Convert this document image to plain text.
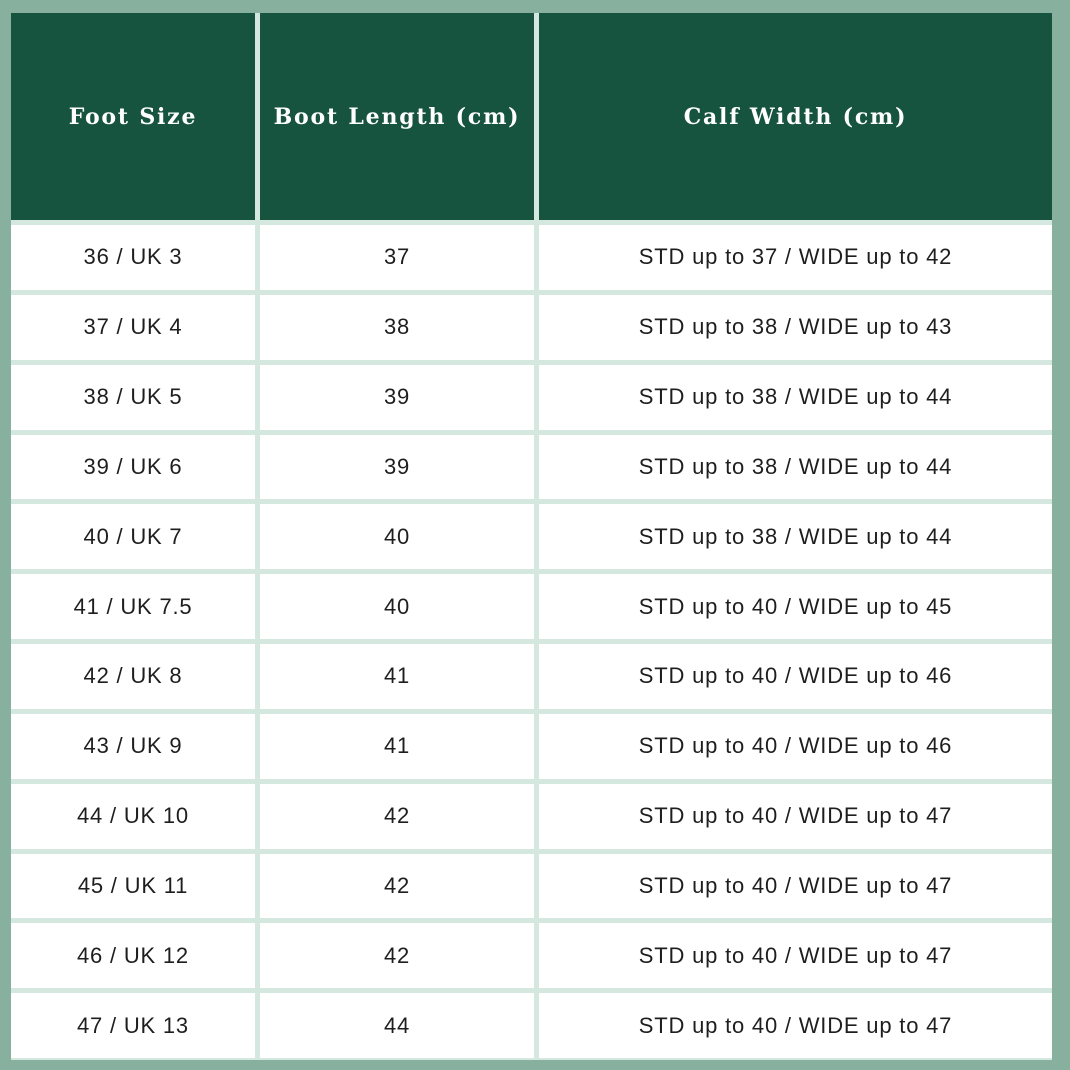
Foot Size	Boot Length (cm)	Calf Width (cm)
36 / UK 3	37	STD up to 37 / WIDE up to 42
37 / UK 4	38	STD up to 38 / WIDE up to 43
38 / UK 5	39	STD up to 38 / WIDE up to 44
39 / UK 6	39	STD up to 38 / WIDE up to 44
40 / UK 7	40	STD up to 38 / WIDE up to 44
41 / UK 7.5	40	STD up to 40 / WIDE up to 45
42 / UK 8	41	STD up to 40 / WIDE up to 46
43 / UK 9	41	STD up to 40 / WIDE up to 46
44 / UK 10	42	STD up to 40 / WIDE up to 47
45 / UK 11	42	STD up to 40 / WIDE up to 47
46 / UK 12	42	STD up to 40 / WIDE up to 47
47 / UK 13	44	STD up to 40 / WIDE up to 47
